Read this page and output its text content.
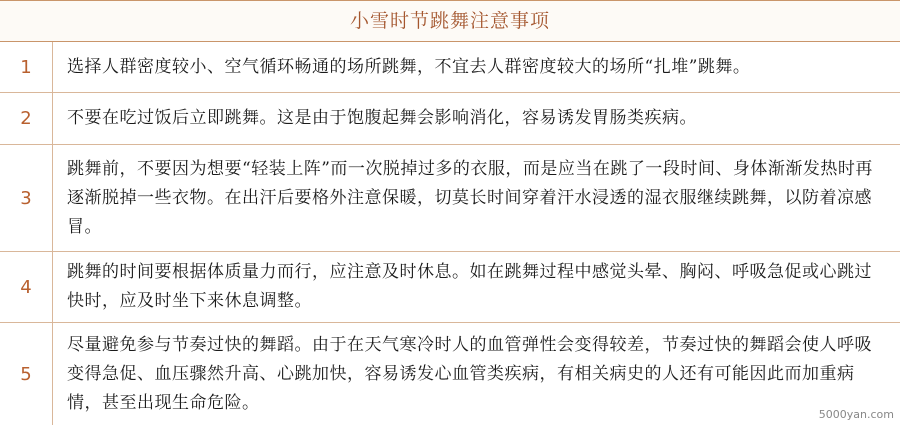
小雪时节跳舞注意事项
1	选择人群密度较小、空气循环畅通的场所跳舞，不宜去人群密度较大的场所“扎堆”跳舞。
2	不要在吃过饭后立即跳舞。这是由于饱腹起舞会影响消化，容易诱发胃肠类疾病。
3
跳舞前，不要因为想要“轻装上阵”而一次脱掉过多的衣服，而是应当在跳了一段时间、身体渐渐发热时再逐渐脱掉一些衣物。在出汗后要格外注意保暖，切莫长时间穿着汗水浸透的湿衣服继续跳舞，以防着凉感冒。
4
跳舞的时间要根据体质量力而行，应注意及时休息。如在跳舞过程中感觉头晕、胸闷、呼吸急促或心跳过快时，应及时坐下来休息调整。
5
尽量避免参与节奏过快的舞蹈。由于在天气寒冷时人的血管弹性会变得较差，节奏过快的舞蹈会使人呼吸变得急促、血压骤然升高、心跳加快，容易诱发心血管类疾病，有相关病史的人还有可能因此而加重病情，甚至出现生命危险。
5000yan.com
